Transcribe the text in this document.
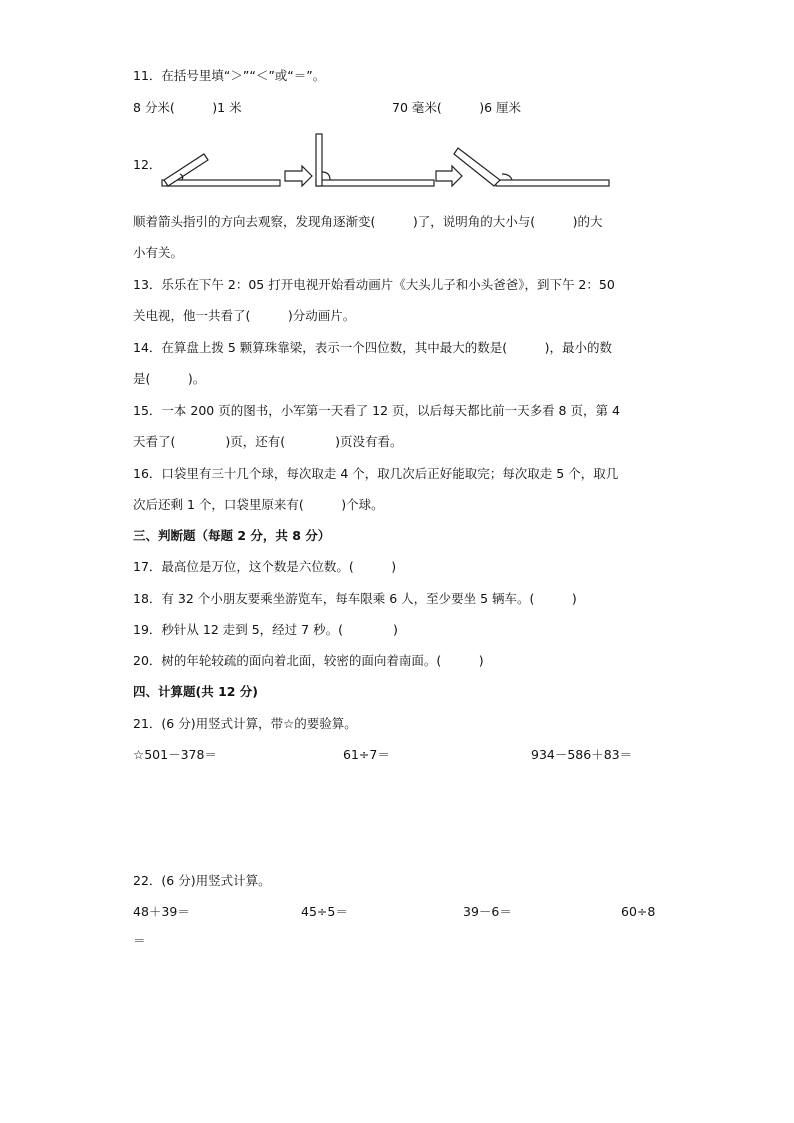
11．在括号里填“＞”“＜”或“＝”。
8 分米(　　　)1 米	70 毫米(　　　)6 厘米
12．
顺着箭头指引的方向去观察，发现角逐渐变(　　　)了，说明角的大小与(　　　)的大
小有关。
13．乐乐在下午 2：05 打开电视开始看动画片《大头儿子和小头爸爸》，到下午 2：50
关电视，他一共看了(　　　)分动画片。
14．在算盘上拨 5 颗算珠靠梁，表示一个四位数，其中最大的数是(　　　)，最小的数
是(　　　)。
15．一本 200 页的图书，小军第一天看了 12 页，以后每天都比前一天多看 8 页，第 4
天看了(　　　　)页，还有(　　　　)页没有看。
16．口袋里有三十几个球，每次取走 4 个，取几次后正好能取完；每次取走 5 个，取几
次后还剩 1 个，口袋里原来有(　　　)个球。
三、判断题（每题 2 分，共 8 分）
17．最高位是万位，这个数是六位数。(　　　)
18．有 32 个小朋友要乘坐游览车，每车限乘 6 人，至少要坐 5 辆车。(　　　)
19．秒针从 12 走到 5，经过 7 秒。(　　　　)
20．树的年轮较疏的面向着北面，较密的面向着南面。(　　　)
四、计算题(共 12 分)
21．(6 分)用竖式计算，带☆的要验算。
☆501－378＝	61÷7＝	934－586＋83＝
22．(6 分)用竖式计算。
48＋39＝	45÷5＝	39－6＝	60÷8
＝
